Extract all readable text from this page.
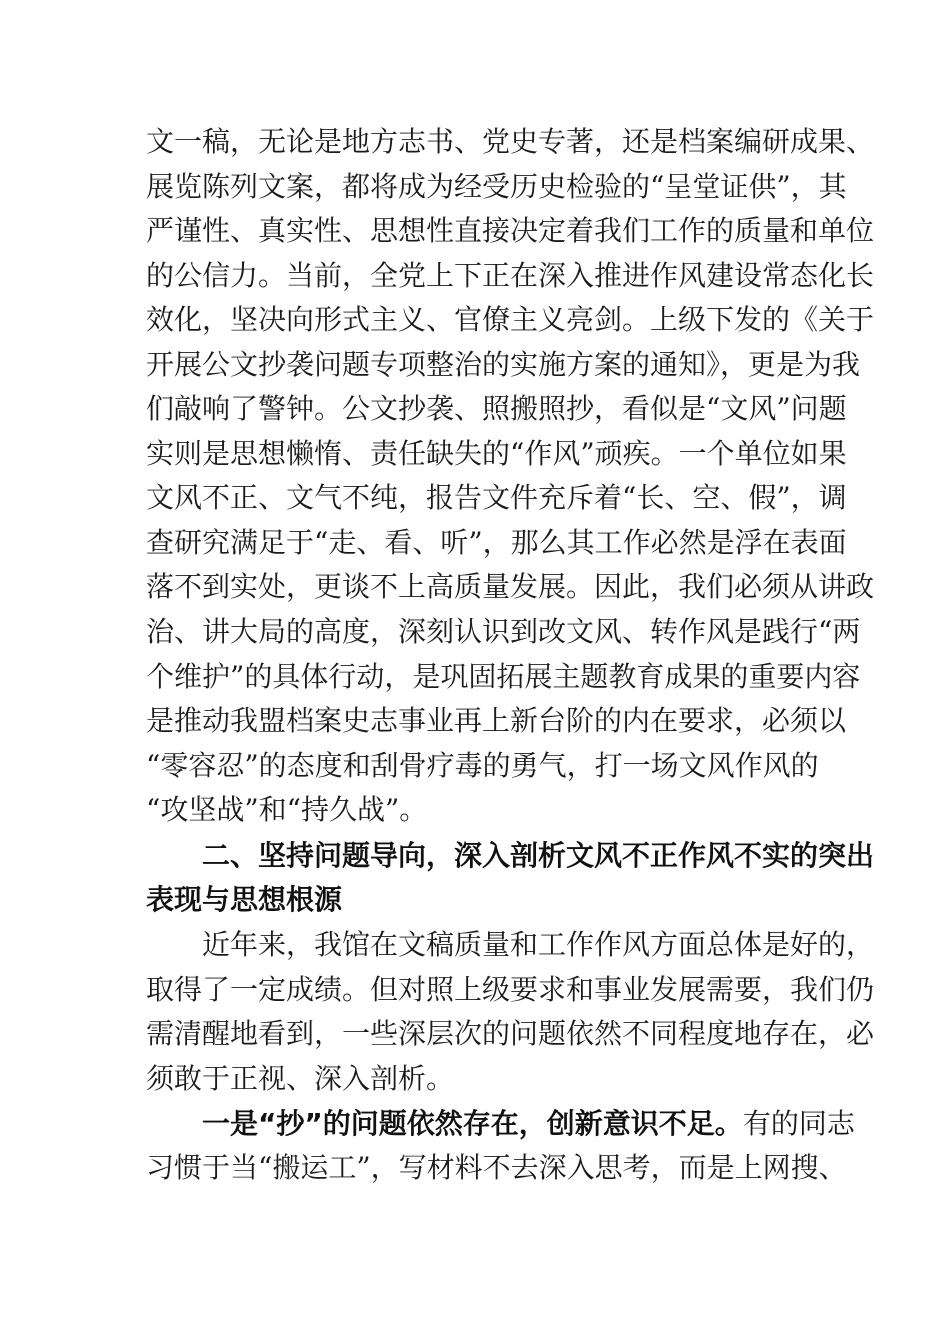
文一稿，无论是地方志书、党史专著，还是档案编研成果、
展览陈列文案，都将成为经受历史检验的“呈堂证供”，其
严谨性、真实性、思想性直接决定着我们工作的质量和单位
的公信力。当前，全党上下正在深入推进作风建设常态化长
效化，坚决向形式主义、官僚主义亮剑。上级下发的《关于
开展公文抄袭问题专项整治的实施方案的通知》，更是为我
们敲响了警钟。公文抄袭、照搬照抄，看似是“文风”问题
实则是思想懒惰、责任缺失的“作风”顽疾。一个单位如果
文风不正、文气不纯，报告文件充斥着“长、空、假”，调
查研究满足于“走、看、听”，那么其工作必然是浮在表面
落不到实处，更谈不上高质量发展。因此，我们必须从讲政
治、讲大局的高度，深刻认识到改文风、转作风是践行“两
个维护”的具体行动，是巩固拓展主题教育成果的重要内容
是推动我盟档案史志事业再上新台阶的内在要求，必须以
“零容忍”的态度和刮骨疗毒的勇气，打一场文风作风的
“攻坚战”和“持久战”。
二、坚持问题导向，深入剖析文风不正作风不实的突出
表现与思想根源
近年来，我馆在文稿质量和工作作风方面总体是好的，
取得了一定成绩。但对照上级要求和事业发展需要，我们仍
需清醒地看到，一些深层次的问题依然不同程度地存在，必
须敢于正视、深入剖析。
一是“抄”的问题依然存在，创新意识不足。有的同志
习惯于当“搬运工”，写材料不去深入思考，而是上网搜、
